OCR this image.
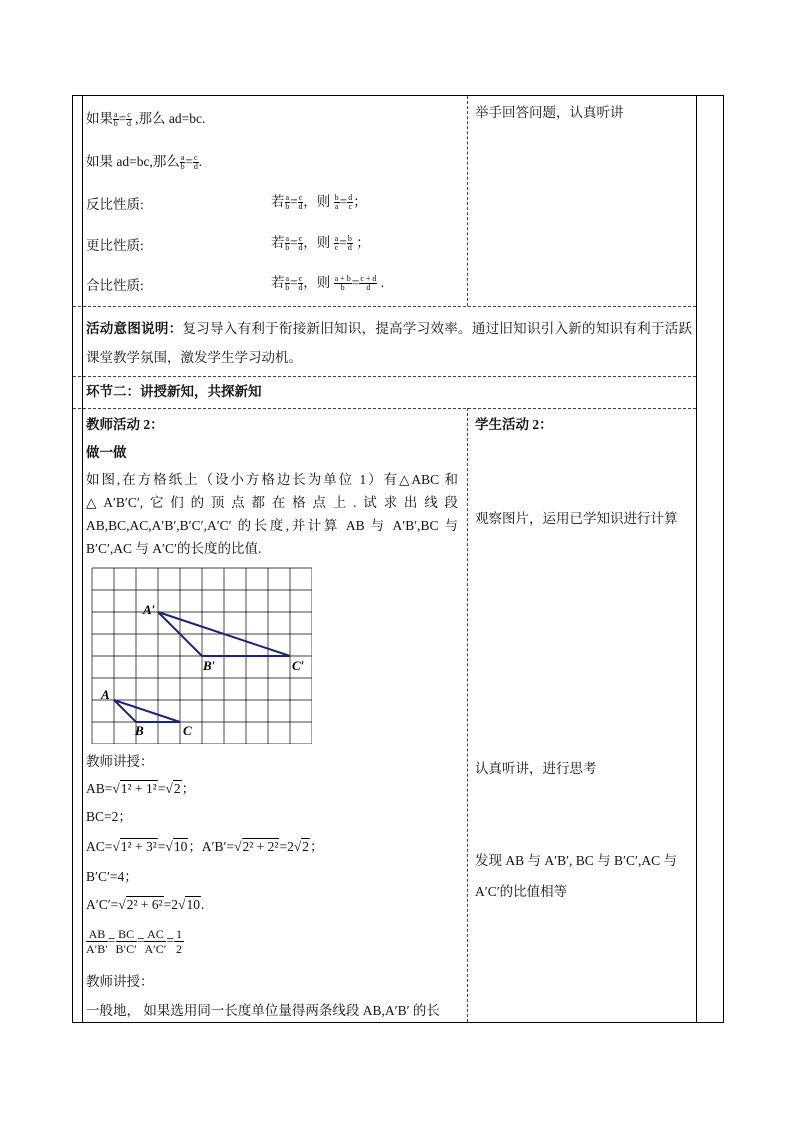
如果 $\frac{a}{b} = \frac{c}{d}$ ,那么 ad=bc.
如果 ad=bc,那么 $\frac{a}{b} = \frac{c}{d}$ .
反比性质:	若 $\frac{a}{b} = \frac{c}{d}$ ，则 $\frac{b}{a} = \frac{d}{c}$ ；
更比性质:	若 $\frac{a}{b} = \frac{c}{d}$ ，则 $\frac{a}{c} = \frac{b}{d}$ ；
合比性质:	若 $\frac{a}{b} = \frac{c}{d}$ ，则 $\frac{a + b}{b} = \frac{c + d}{d}$ .
举手回答问题，认真听讲
活动意图说明：复习导入有利于衔接新旧知识，提高学习效率。通过旧知识引入新的知识有利于活跃课堂教学氛围，激发学生学习动机。
环节二：讲授新知，共探新知
教师活动 2：
做一做
如图,在方格纸上（设小方格边长为单位 1）有△ABC 和△A′B′C′,它们的顶点都在格点上.试求出线段AB,BC,AC,A′B′,B′C′,A′C′ 的长度,并计算 AB 与 A′B′,BC 与B′C′,AC 与 A′C′的长度的比值.
A
B	C
A′
B′	C′
教师讲授：
AB=√1² + 1²=√2；
BC=2；
AC=√1² + 3²=√10；A′B′=√2² + 2²=2√2；
B′C′=4；
A′C′=√2² + 6²=2√10.
$\frac{AB}{A'B'} = \frac{BC}{B'C'} = \frac{AC}{A'C'} = \frac{1}{2}$
教师讲授：
一般地， 如果选用同一长度单位量得两条线段 AB,A′B′ 的长
学生活动 2：
观察图片，运用已学知识进行计算
认真听讲，进行思考
发现 AB 与 A′B′, BC 与 B′C′,AC 与
A′C′的比值相等
